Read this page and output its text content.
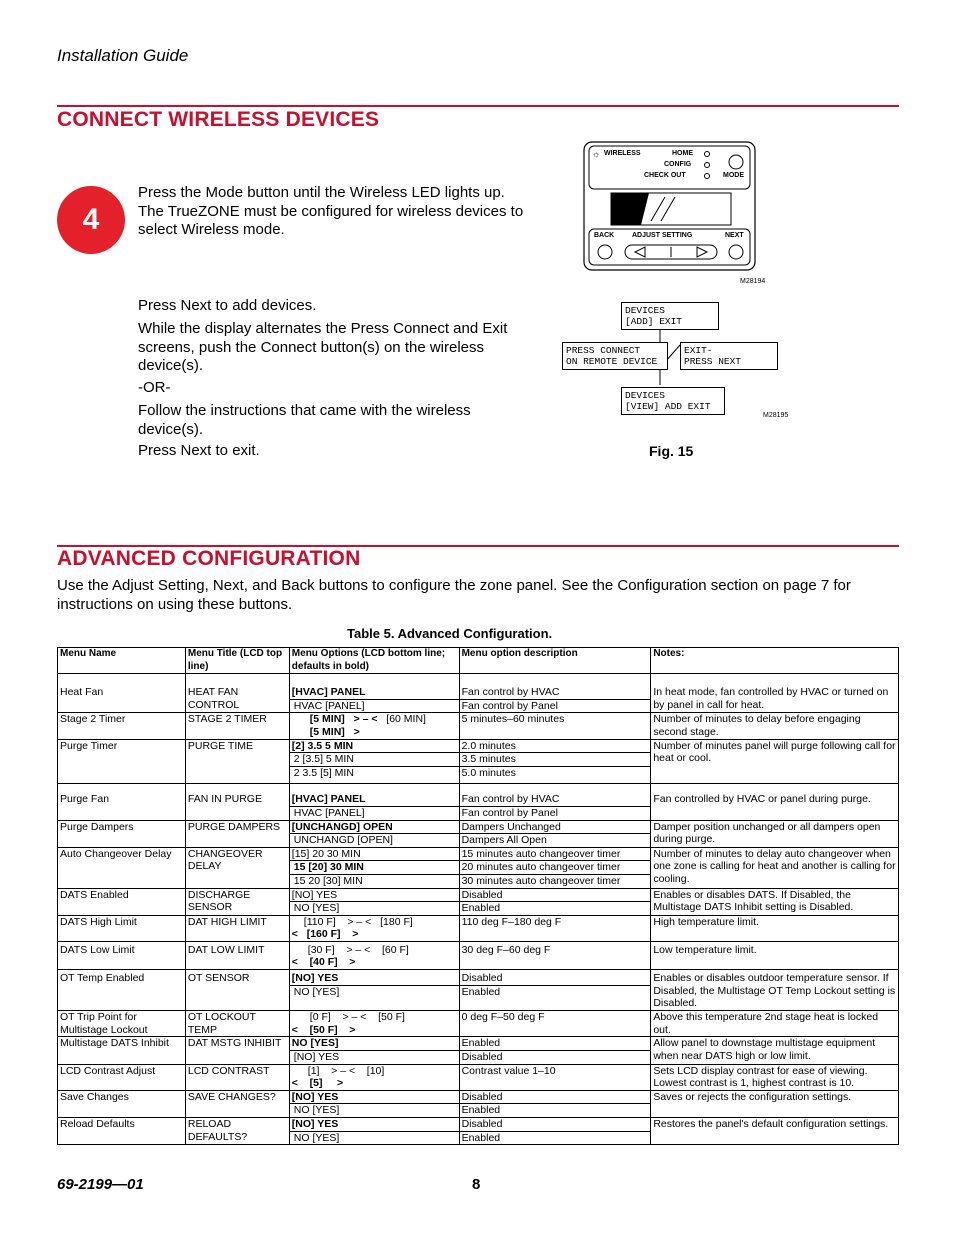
Installation Guide
CONNECT WIRELESS DEVICES
4
Press the Mode button until the Wireless LED lights up. The TrueZONE must be configured for wireless devices to select Wireless mode.
Press Next to add devices.
While the display alternates the Press Connect and Exit screens, push the Connect button(s) on the wireless device(s).
-OR-
Follow the instructions that came with the wireless device(s).
Press Next to exit.
☼ WIRELESS	HOME
CONFIG
CHECK OUT	MODE
BACK	ADJUST SETTING	NEXT
M28194
DEVICES
[ADD] EXIT
PRESS CONNECT
ON REMOTE DEVICE
EXIT-
PRESS NEXT
DEVICES
[VIEW] ADD EXIT
M28195
Fig. 15
ADVANCED CONFIGURATION
Use the Adjust Setting, Next, and Back buttons to configure the zone panel. See the Configuration section on page 7 for instructions on using these buttons.
Table 5. Advanced Configuration.
Menu Name	Menu Title (LCD top line)	Menu Options (LCD bottom line; defaults in bold)	Menu option description	Notes:
Heat Fan	HEAT FAN CONTROL	[HVAC] PANEL	Fan control by HVAC	In heat mode, fan controlled by HVAC or turned on by panel in call for heat.
		HVAC [PANEL]	Fan control by Panel	
Stage 2 Timer	STAGE 2 TIMER	[5 MIN] > – < [60 MIN]	5 minutes–60 minutes	Number of minutes to delay before engaging second stage.
		[5 MIN] >		
Purge Timer	PURGE TIME	[2] 3.5 5 MIN	2.0 minutes	Number of minutes panel will purge following call for heat or cool.
		2 [3.5] 5 MIN	3.5 minutes	
		2 3.5 [5] MIN	5.0 minutes	
Purge Fan	FAN IN PURGE	[HVAC] PANEL	Fan control by HVAC	Fan controlled by HVAC or panel during purge.
		HVAC [PANEL]	Fan control by Panel	
Purge Dampers	PURGE DAMPERS	[UNCHANGD] OPEN	Dampers Unchanged	Damper position unchanged or all dampers open during purge.
		UNCHANGD [OPEN]	Dampers All Open	
Auto Changeover Delay	CHANGEOVER DELAY	[15] 20 30 MIN	15 minutes auto changeover timer	Number of minutes to delay auto changeover when one zone is calling for heat and another is calling for cooling.
		15 [20] 30 MIN	20 minutes auto changeover timer	
		15 20 [30] MIN	30 minutes auto changeover timer	
DATS Enabled	DISCHARGE SENSOR	[NO] YES	Disabled	Enables or disables DATS. If Disabled, the Multistage DATS Inhibit setting is Disabled.
		NO [YES]	Enabled	
DATS High Limit	DAT HIGH LIMIT	[110 F] > – < [180 F]	110 deg F–180 deg F	High temperature limit.
		< [160 F] >		
DATS Low Limit	DAT LOW LIMIT	[30 F] > – < [60 F]	30 deg F–60 deg F	Low temperature limit.
		< [40 F] >		
OT Temp Enabled	OT SENSOR	[NO] YES	Disabled	Enables or disables outdoor temperature sensor. If Disabled, the Multistage OT Temp Lockout setting is Disabled.
		NO [YES]	Enabled	
OT Trip Point for Multistage Lockout	OT LOCKOUT TEMP	[0 F] > – < [50 F]	0 deg F–50 deg F	Above this temperature 2nd stage heat is locked out.
		< [50 F] >		
Multistage DATS Inhibit	DAT MSTG INHIBIT	NO [YES]	Enabled	Allow panel to downstage multistage equipment when near DATS high or low limit.
		[NO] YES	Disabled	
LCD Contrast Adjust	LCD CONTRAST	[1] > – < [10]	Contrast value 1–10	Sets LCD display contrast for ease of viewing. Lowest contrast is 1, highest contrast is 10.
		< [5] >		
Save Changes	SAVE CHANGES?	[NO] YES	Disabled	Saves or rejects the configuration settings.
		NO [YES]	Enabled	
Reload Defaults	RELOAD DEFAULTS?	[NO] YES	Disabled	Restores the panel's default configuration settings.
		NO [YES]	Enabled	
69-2199—01	8
